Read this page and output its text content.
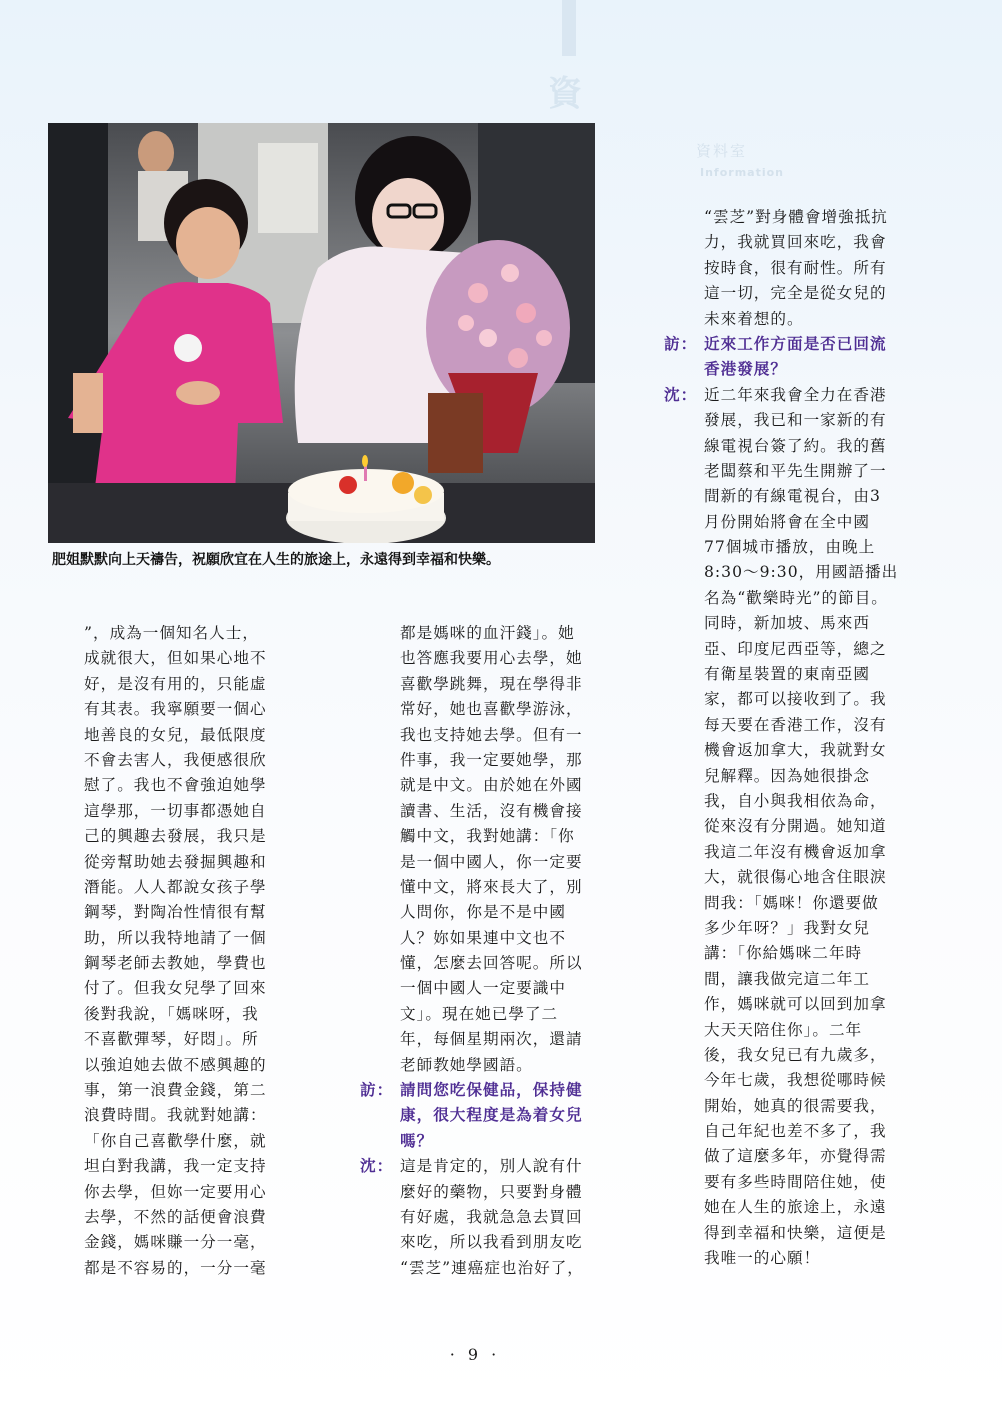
資
資料室
Information
肥姐默默向上天禱告，祝願欣宜在人生的旅途上，永遠得到幸福和快樂。
”，成為一個知名人士，
成就很大，但如果心地不
好，是沒有用的，只能虛
有其表。我寧願要一個心
地善良的女兒，最低限度
不會去害人，我便感很欣
慰了。我也不會強迫她學
這學那，一切事都憑她自
己的興趣去發展，我只是
從旁幫助她去發掘興趣和
潛能。人人都說女孩子學
鋼琴，對陶冶性情很有幫
助，所以我特地請了一個
鋼琴老師去教她，學費也
付了。但我女兒學了回來
後對我說，「媽咪呀，我
不喜歡彈琴，好悶」。所
以強迫她去做不感興趣的
事，第一浪費金錢，第二
浪費時間。我就對她講：
「你自己喜歡學什麼，就
坦白對我講，我一定支持
你去學，但妳一定要用心
去學，不然的話便會浪費
金錢，媽咪賺一分一毫，
都是不容易的，一分一毫
都是媽咪的血汗錢」。她
也答應我要用心去學，她
喜歡學跳舞，現在學得非
常好，她也喜歡學游泳，
我也支持她去學。但有一
件事，我一定要她學，那
就是中文。由於她在外國
讀書、生活，沒有機會接
觸中文，我對她講：「你
是一個中國人，你一定要
懂中文，將來長大了，別
人問你，你是不是中國
人？妳如果連中文也不
懂，怎麼去回答呢。所以
一個中國人一定要識中
文」。現在她已學了二
年，每個星期兩次，還請
老師教她學國語。
訪： 請問您吃保健品，保持健
康，很大程度是為着女兒
嗎？
沈： 這是肯定的，別人說有什
麼好的藥物，只要對身體
有好處，我就急急去買回
來吃，所以我看到朋友吃
“雲芝”連癌症也治好了，
“雲芝”對身體會增強抵抗
力，我就買回來吃，我會
按時食，很有耐性。所有
這一切，完全是從女兒的
未來着想的。
訪： 近來工作方面是否已回流
香港發展？
沈： 近二年來我會全力在香港
發展，我已和一家新的有
線電視台簽了約。我的舊
老闆蔡和平先生開辦了一
間新的有線電視台，由3
月份開始將會在全中國
77個城市播放，由晚上
8:30～9:30，用國語播出
名為“歡樂時光”的節目。
同時，新加坡、馬來西
亞、印度尼西亞等，總之
有衛星裝置的東南亞國
家，都可以接收到了。我
每天要在香港工作，沒有
機會返加拿大，我就對女
兒解釋。因為她很掛念
我，自小與我相依為命，
從來沒有分開過。她知道
我這二年沒有機會返加拿
大，就很傷心地含住眼淚
問我：「媽咪！你還要做
多少年呀？」我對女兒
講：「你給媽咪二年時
間，讓我做完這二年工
作，媽咪就可以回到加拿
大天天陪住你」。二年
後，我女兒已有九歲多，
今年七歲，我想從哪時候
開始，她真的很需要我，
自己年紀也差不多了，我
做了這麼多年，亦覺得需
要有多些時間陪住她，使
她在人生的旅途上，永遠
得到幸福和快樂，這便是
我唯一的心願！
· 9 ·
